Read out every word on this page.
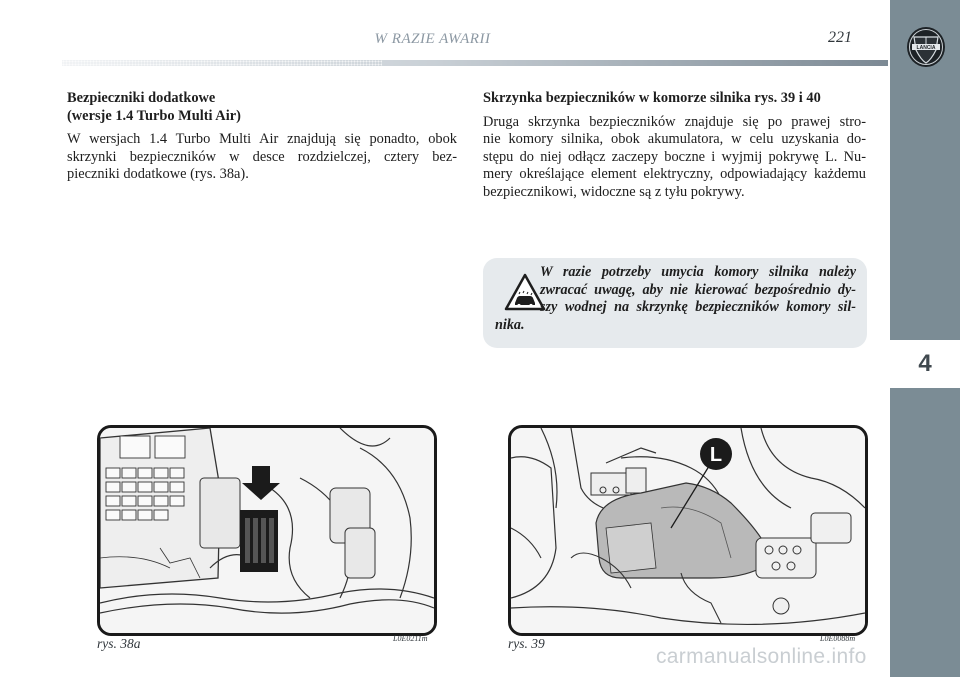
W RAZIE AWARII	221
LANCIA
4
Bezpieczniki dodatkowe
(wersje 1.4 Turbo Multi Air)
W wersjach 1.4 Turbo Multi Air znajdują się ponadto, obok
skrzynki bezpieczników w desce rozdzielczej, cztery bez-
pieczniki dodatkowe (rys. 38a).
Skrzynka bezpieczników w komorze silnika rys. 39 i 40
Druga skrzynka bezpieczników znajduje się po prawej stro-
nie komory silnika, obok akumulatora, w celu uzyskania do-
stępu do niej odłącz zaczepy boczne i wyjmij pokrywę L. Nu-
mery określające element elektryczny, odpowiadający każdemu
bezpiecznikowi, widoczne są z tyłu pokrywy.
W razie potrzeby umycia komory silnika należy
zwracać uwagę, aby nie kierować bezpośrednio dy-
szy wodnej na skrzynkę bezpieczników komory sil-
nika.
rys. 38a	L0E0211m
L
rys. 39	L0E0088m
carmanualsonline.info
